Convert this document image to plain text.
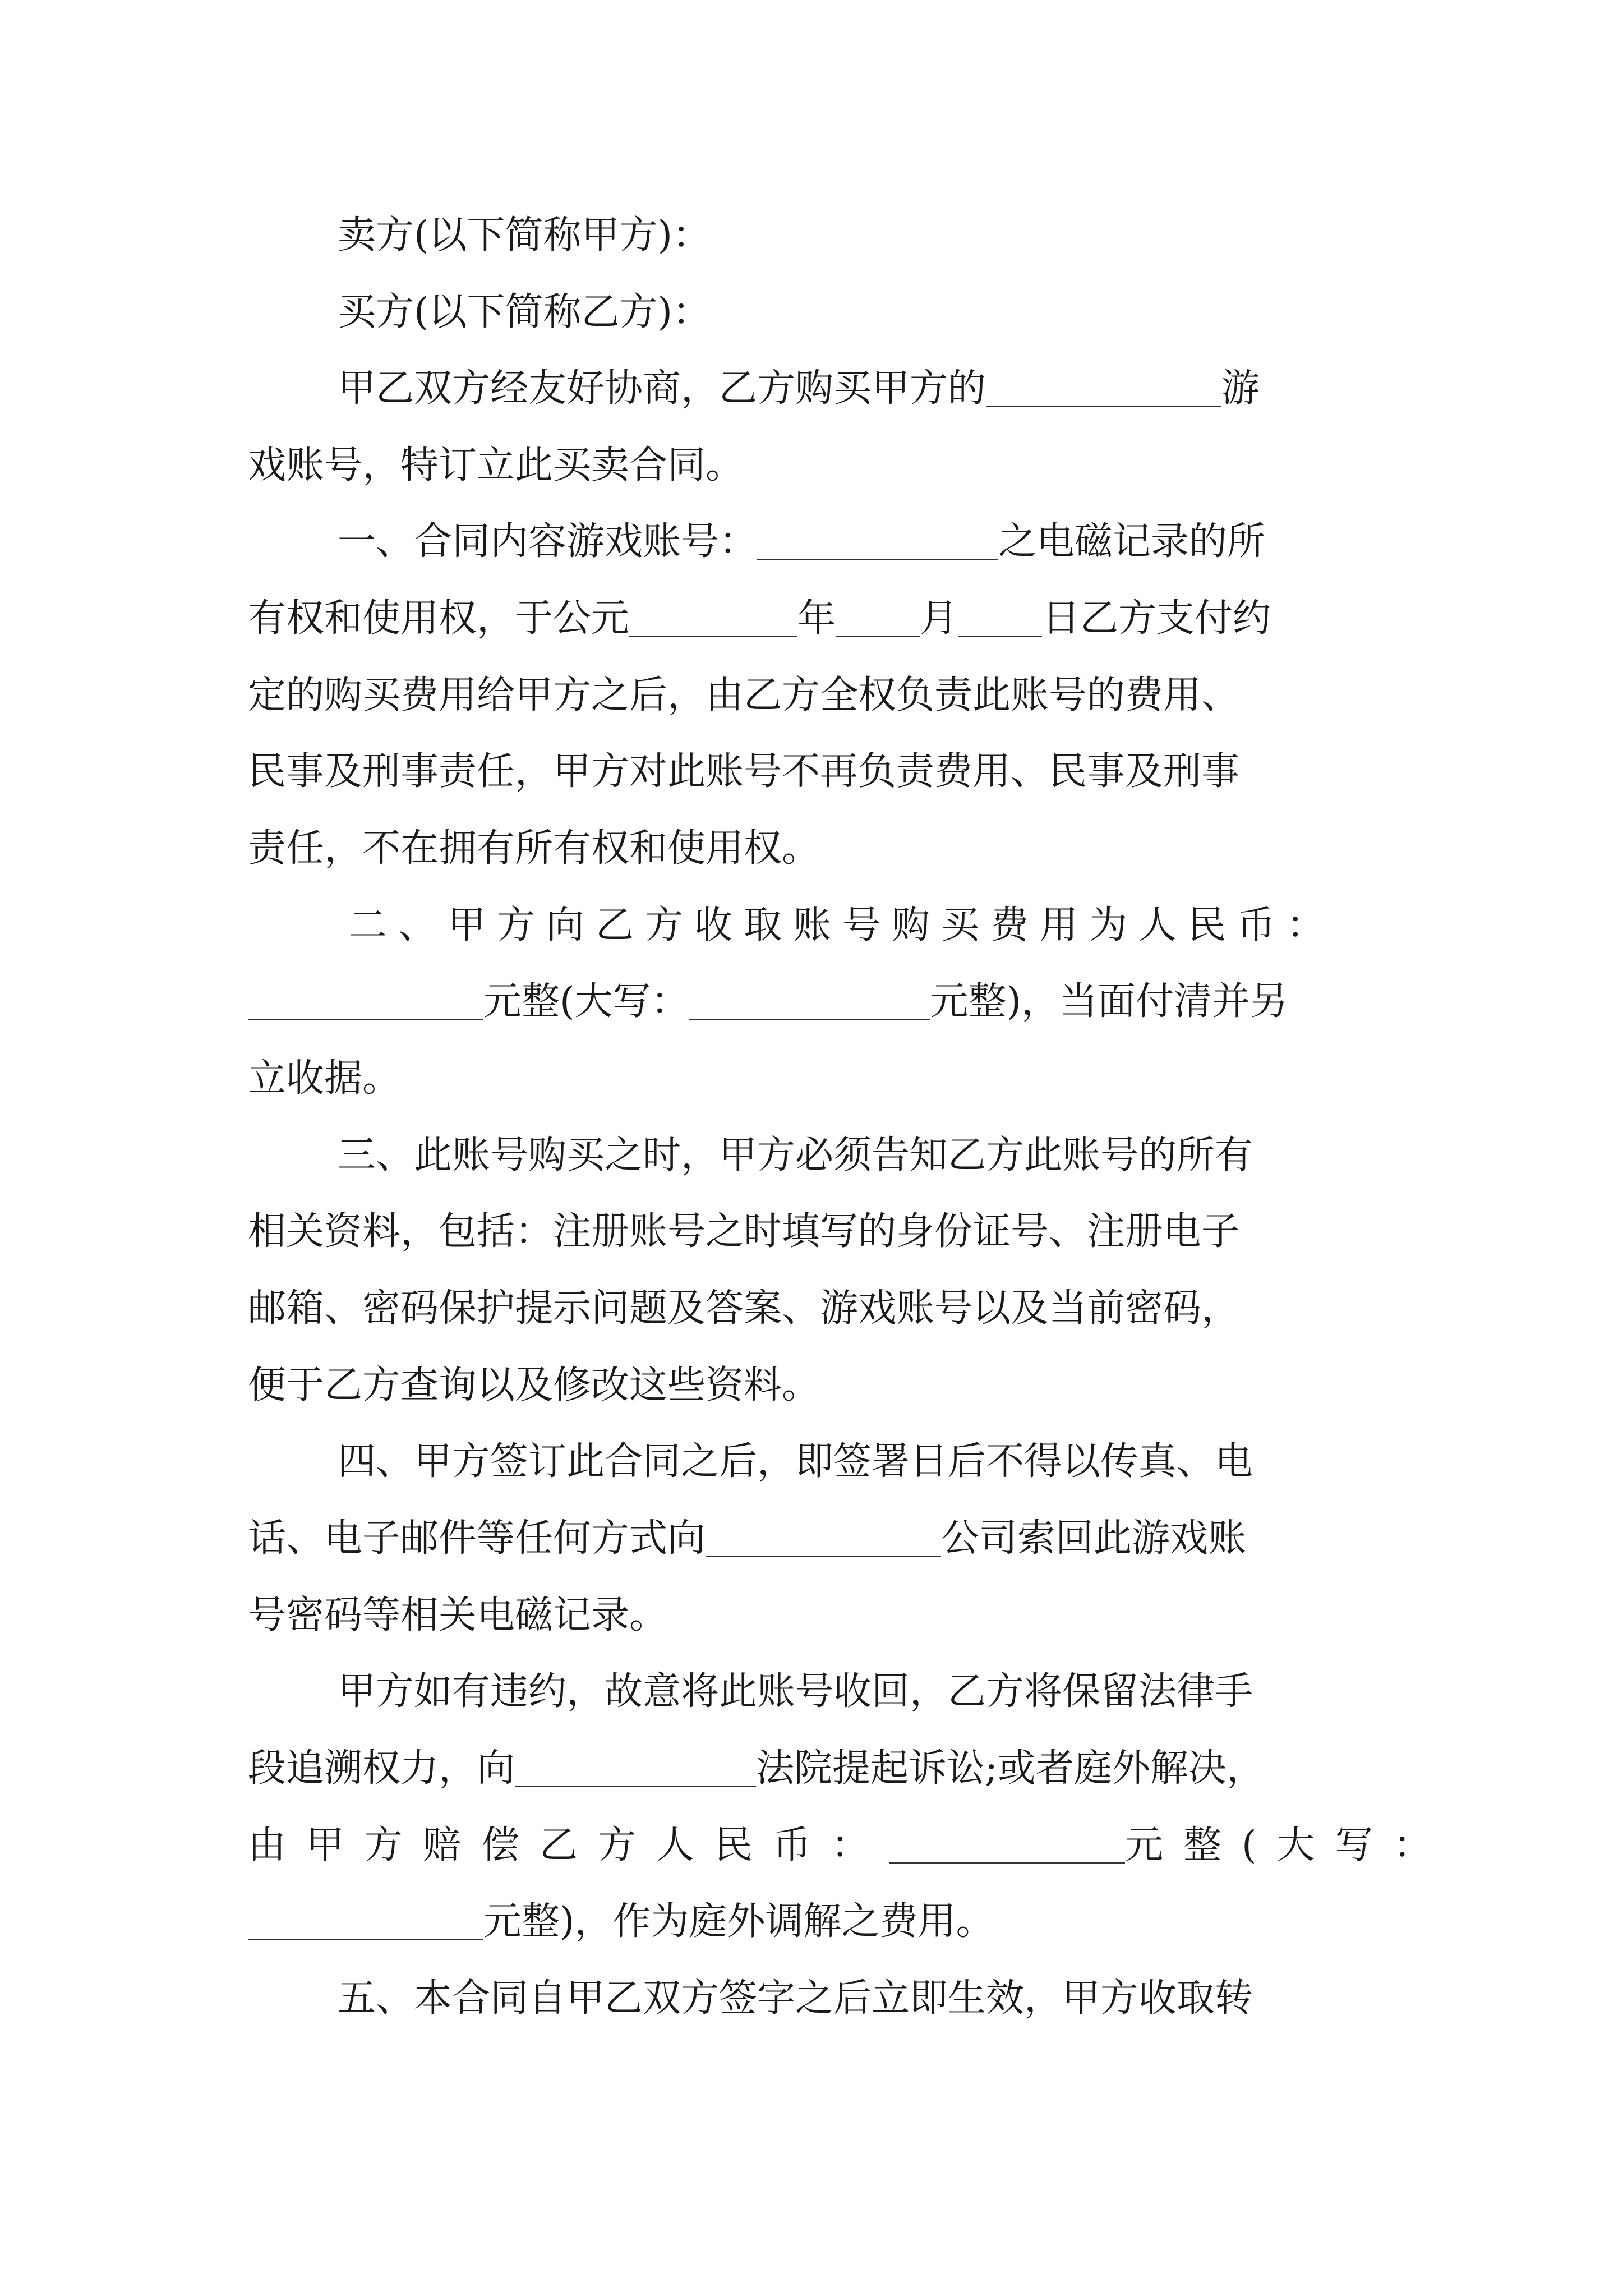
卖方(以下简称甲方)：
买方(以下简称乙方)：
甲乙双方经友好协商，乙方购买甲方的	游
戏账号，特订立此买卖合同。
一、合同内容游戏账号：	之电磁记录的所
有权和使用权，于公元	年 月 日乙方支付约
定的购买费用给甲方之后，由乙方全权负责此账号的费用、
民事及刑事责任，甲方对此账号不再负责费用、民事及刑事
责任，不在拥有所有权和使用权。
二、甲方向乙方收取账号购买费用为人民币：
元整(大写：	元整)，当面付清并另
立收据。
三、此账号购买之时，甲方必须告知乙方此账号的所有
相关资料，包括：注册账号之时填写的身份证号、注册电子
邮箱、密码保护提示问题及答案、游戏账号以及当前密码，
便于乙方查询以及修改这些资料。
四、甲方签订此合同之后，即签署日后不得以传真、电
话、电子邮件等任何方式向	公司索回此游戏账
号密码等相关电磁记录。
甲方如有违约，故意将此账号收回，乙方将保留法律手
段追溯权力，向	法院提起诉讼;或者庭外解决，
由甲方赔偿乙方人民币：	元整(大写：
元整)，作为庭外调解之费用。
五、本合同自甲乙双方签字之后立即生效，甲方收取转
